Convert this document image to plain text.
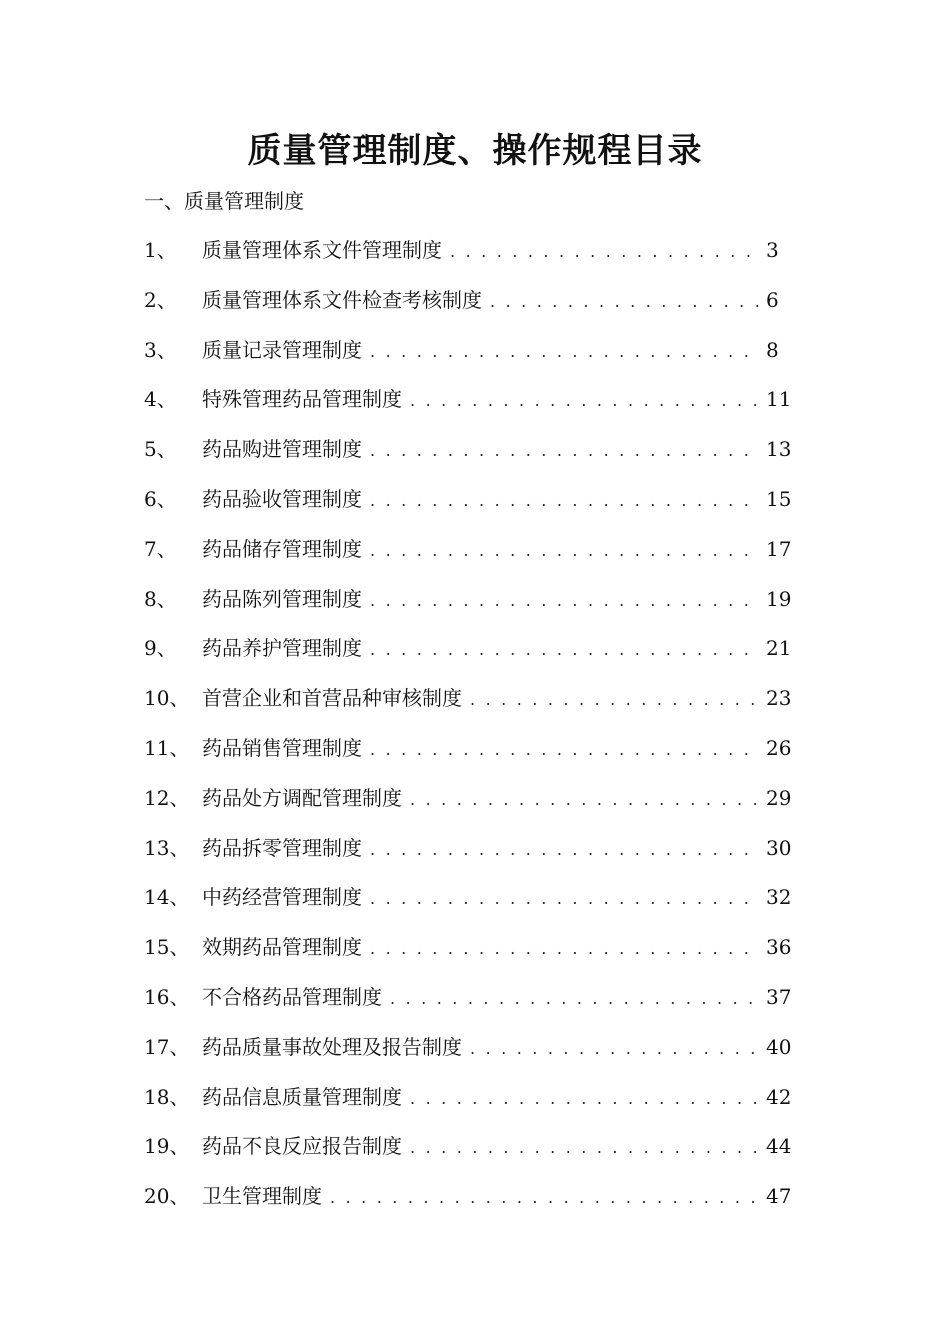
质量管理制度、操作规程目录
一、质量管理制度
1、	质量管理体系文件管理制度 . . .	3
2、	质量管理体系文件检查考核制度 . . .	6
3、	质量记录管理制度 . . .	8
4、	特殊管理药品管理制度 . . .	11
5、	药品购进管理制度 . . .	13
6、	药品验收管理制度 . . .	15
7、	药品储存管理制度 . . .	17
8、	药品陈列管理制度 . . .	19
9、	药品养护管理制度 . . .	21
10、 首营企业和首营品种审核制度 . . .	23
11、 药品销售管理制度 . . .	26
12、 药品处方调配管理制度 . . .	29
13、 药品拆零管理制度 . . .	30
14、 中药经营管理制度 . . .	32
15、 效期药品管理制度 . . .	36
16、 不合格药品管理制度 . . .	37
17、 药品质量事故处理及报告制度 . . .	40
18、 药品信息质量管理制度 . . .	42
19、 药品不良反应报告制度 . . .	44
20、 卫生管理制度 . . .	47
